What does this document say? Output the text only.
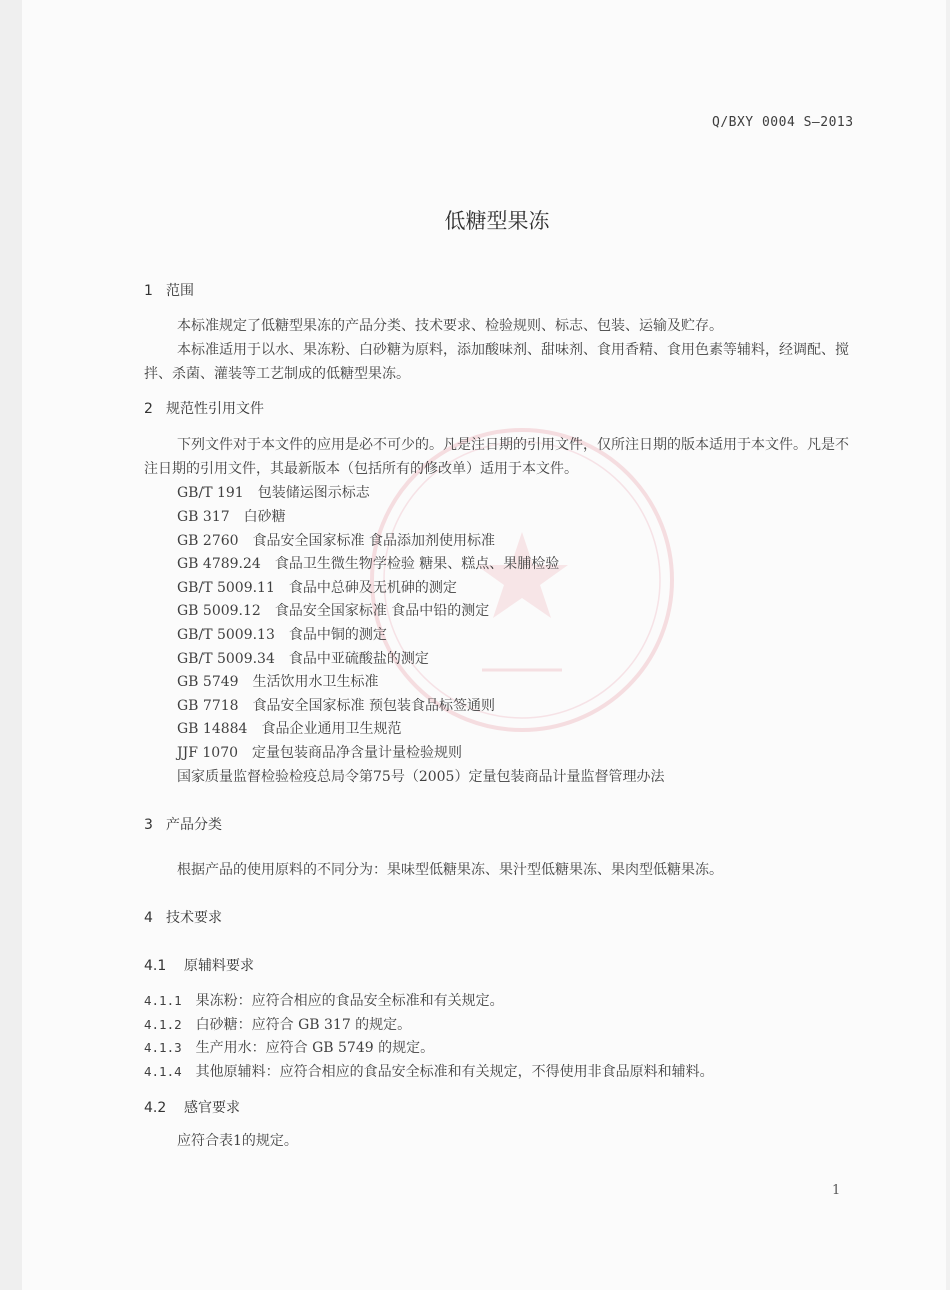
Q/BXY 0004 S—2013
低糖型果冻
1 范围
本标准规定了低糖型果冻的产品分类、技术要求、检验规则、标志、包装、运输及贮存。
本标准适用于以水、果冻粉、白砂糖为原料，添加酸味剂、甜味剂、食用香精、食用色素等辅料，经调配、搅拌、杀菌、灌装等工艺制成的低糖型果冻。
2 规范性引用文件
下列文件对于本文件的应用是必不可少的。凡是注日期的引用文件，仅所注日期的版本适用于本文件。凡是不注日期的引用文件，其最新版本（包括所有的修改单）适用于本文件。
GB/T 191 包装储运图示标志
GB 317 白砂糖
GB 2760 食品安全国家标准 食品添加剂使用标准
GB 4789.24 食品卫生微生物学检验 糖果、糕点、果脯检验
GB/T 5009.11 食品中总砷及无机砷的测定
GB 5009.12 食品安全国家标准 食品中铅的测定
GB/T 5009.13 食品中铜的测定
GB/T 5009.34 食品中亚硫酸盐的测定
GB 5749 生活饮用水卫生标准
GB 7718 食品安全国家标准 预包装食品标签通则
GB 14884 食品企业通用卫生规范
JJF 1070 定量包装商品净含量计量检验规则
国家质量监督检验检疫总局令第75号（2005）定量包装商品计量监督管理办法
3 产品分类
根据产品的使用原料的不同分为：果味型低糖果冻、果汁型低糖果冻、果肉型低糖果冻。
4 技术要求
4.1 原辅料要求
4.1.1 果冻粉：应符合相应的食品安全标准和有关规定。
4.1.2 白砂糖：应符合 GB 317 的规定。
4.1.3 生产用水：应符合 GB 5749 的规定。
4.1.4 其他原辅料：应符合相应的食品安全标准和有关规定，不得使用非食品原料和辅料。
4.2 感官要求
应符合表1的规定。
1
